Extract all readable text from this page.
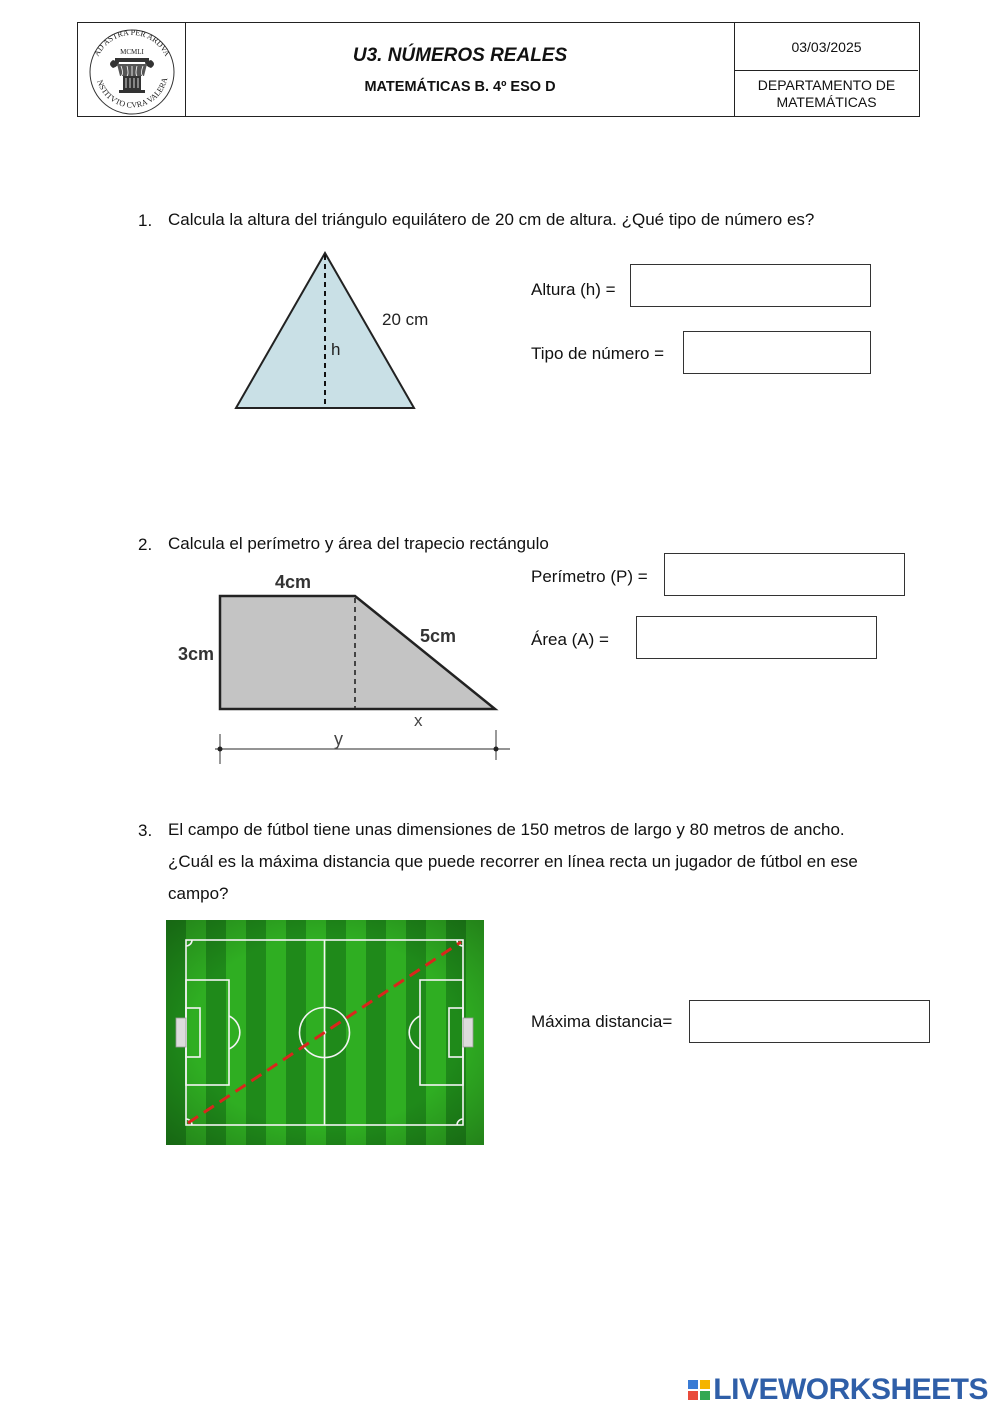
AD ASTRA PER ARDVA
NSTITVTO CVRA VALERA
MCMLI	U3. NÚMEROS REALES
MATEMÁTICAS B. 4º ESO D
03/03/2025
DEPARTAMENTO DE
MATEMÁTICAS
1. Calcula la altura del triángulo equilátero de 20 cm de altura. ¿Qué tipo de número es?
h
20 cm
Altura (h) =
Tipo de número =
2. Calcula el perímetro y área del trapecio rectángulo
4cm
3cm
5cm
x
y
Perímetro (P) =
Área (A) =
3. El campo de fútbol tiene unas dimensiones de 150 metros de largo y 80 metros de ancho.
¿Cuál es la máxima distancia que puede recorrer en línea recta un jugador de fútbol en ese
campo?
Máxima distancia=
LIVEWORKSHEETS
